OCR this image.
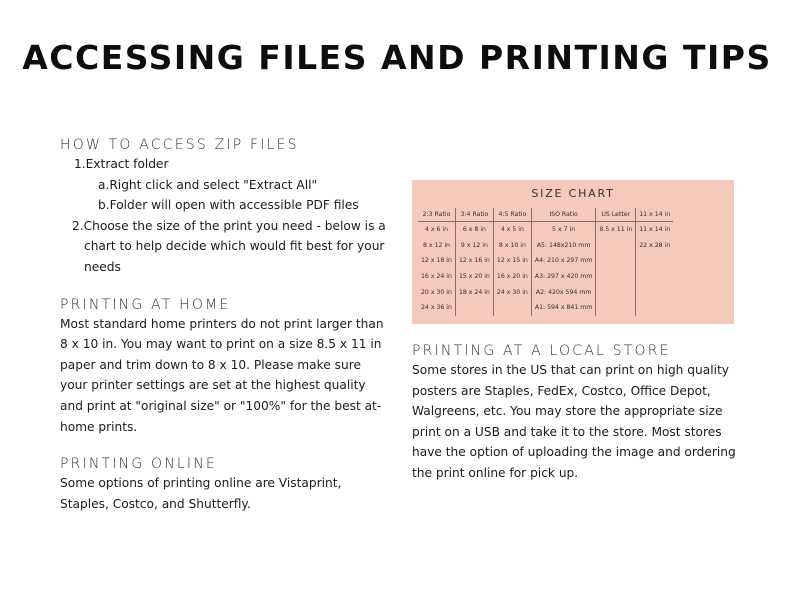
ACCESSING FILES AND PRINTING TIPS
HOW TO ACCESS ZIP FILES
1.Extract folder
a.Right click and select "Extract All"
b.Folder will open with accessible PDF files
2.Choose the size of the print you need - below is a chart to help decide which would fit best for your needs
PRINTING AT HOME
Most standard home printers do not print larger than 8 x 10 in. You may want to print on a size 8.5 x 11 in paper and trim down to 8 x 10. Please make sure your printer settings are set at the highest quality and print at "original size" or "100%" for the best at-home prints.
PRINTING ONLINE
Some options of printing online are Vistaprint, Staples, Costco, and Shutterfly.
SIZE CHART
2:3 Ratio	3:4 Ratio	4:5 Ratio	ISO Ratio	US Letter	11 x 14 in
4 x 6 in	6 x 8 in	4 x 5 in	5 x 7 in	8.5 x 11 in	11 x 14 in
8 x 12 in	9 x 12 in	8 x 10 in	A5: 148x210 mm		22 x 28 in
12 x 18 in	12 x 16 in	12 x 15 in	A4: 210 x 297 mm		
16 x 24 in	15 x 20 in	16 x 20 in	A3: 297 x 420 mm		
20 x 30 in	18 x 24 in	24 x 30 in	A2: 420x 594 mm		
24 x 36 in			A1: 594 x 841 mm		
PRINTING AT A LOCAL STORE
Some stores in the US that can print on high quality posters are Staples, FedEx, Costco, Office Depot, Walgreens, etc. You may store the appropriate size print on a USB and take it to the store. Most stores have the option of uploading the image and ordering the print online for pick up.
